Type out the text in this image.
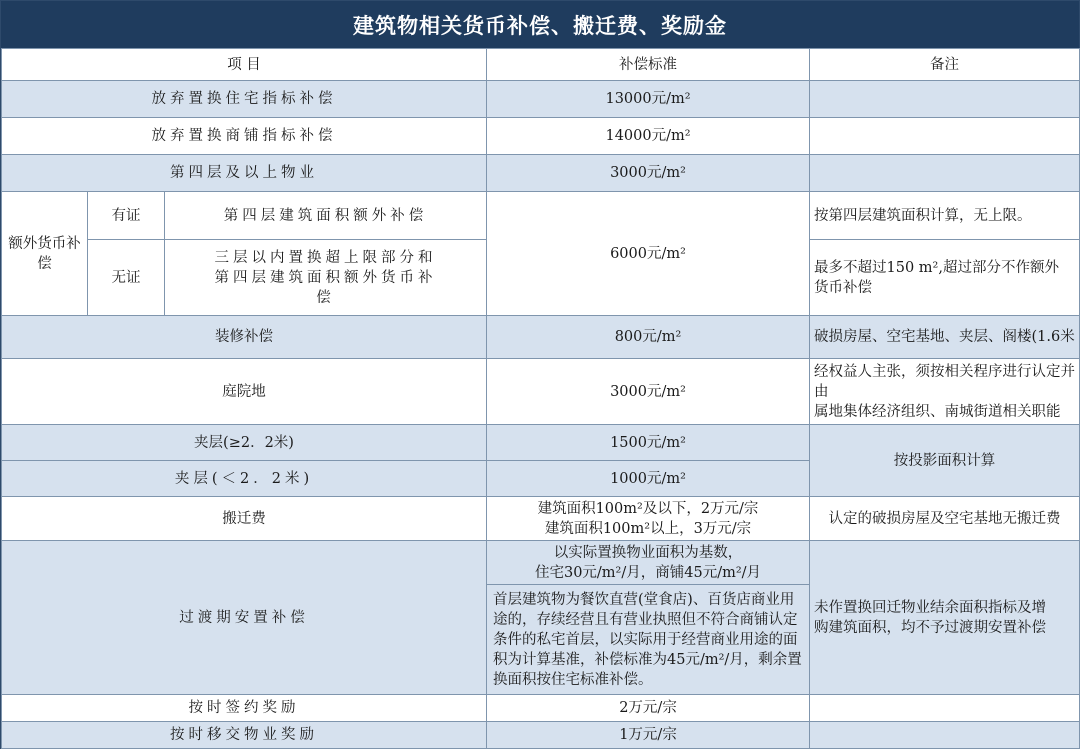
建筑物相关货币补偿、搬迁费、奖励金
项 目			补偿标准	备注
放弃置换住宅指标补偿			13000元/m²	
放弃置换商铺指标补偿			14000元/m²	
第四层及以上物业			3000元/m²	
额外货币补偿	有证	第四层建筑面积额外补偿	6000元/m²	按第四层建筑面积计算，无上限。
	无证	三层以内置换超上限部分和第四层建筑面积额外货币补偿		最多不超过150 m²,超过部分不作额外货币补偿
装修补偿			800元/m²	破损房屋、空宅基地、夹层、阁楼(1.6米
庭院地			3000元/m²	经权益人主张，须按相关程序进行认定并由
属地集体经济组织、南城街道相关职能

夹层(≥2．2米)			1500元/m²	按投影面积计算
夹层(＜2．2米)			1000元/m²	
搬迁费			建筑面积100m²及以下，2万元/宗
建筑面积100m²以上，3万元/宗	认定的破损房屋及空宅基地无搬迁费
过渡期安置补偿			以实际置换物业面积为基数，
住宅30元/m²/月，商铺45元/m²/月	未作置换回迁物业结余面积指标及增购建筑面积，均不予过渡期安置补偿
			首层建筑物为餐饮直营(堂食店)、百货店商业用途的，存续经营且有营业执照但不符合商铺认定条件的私宅首层，以实际用于经营商业用途的面积为计算基准，补偿标准为45元/m²/月，剩余置换面积按住宅标准补偿。	
按时签约奖励			2万元/宗	
按时移交物业奖励			1万元/宗	
